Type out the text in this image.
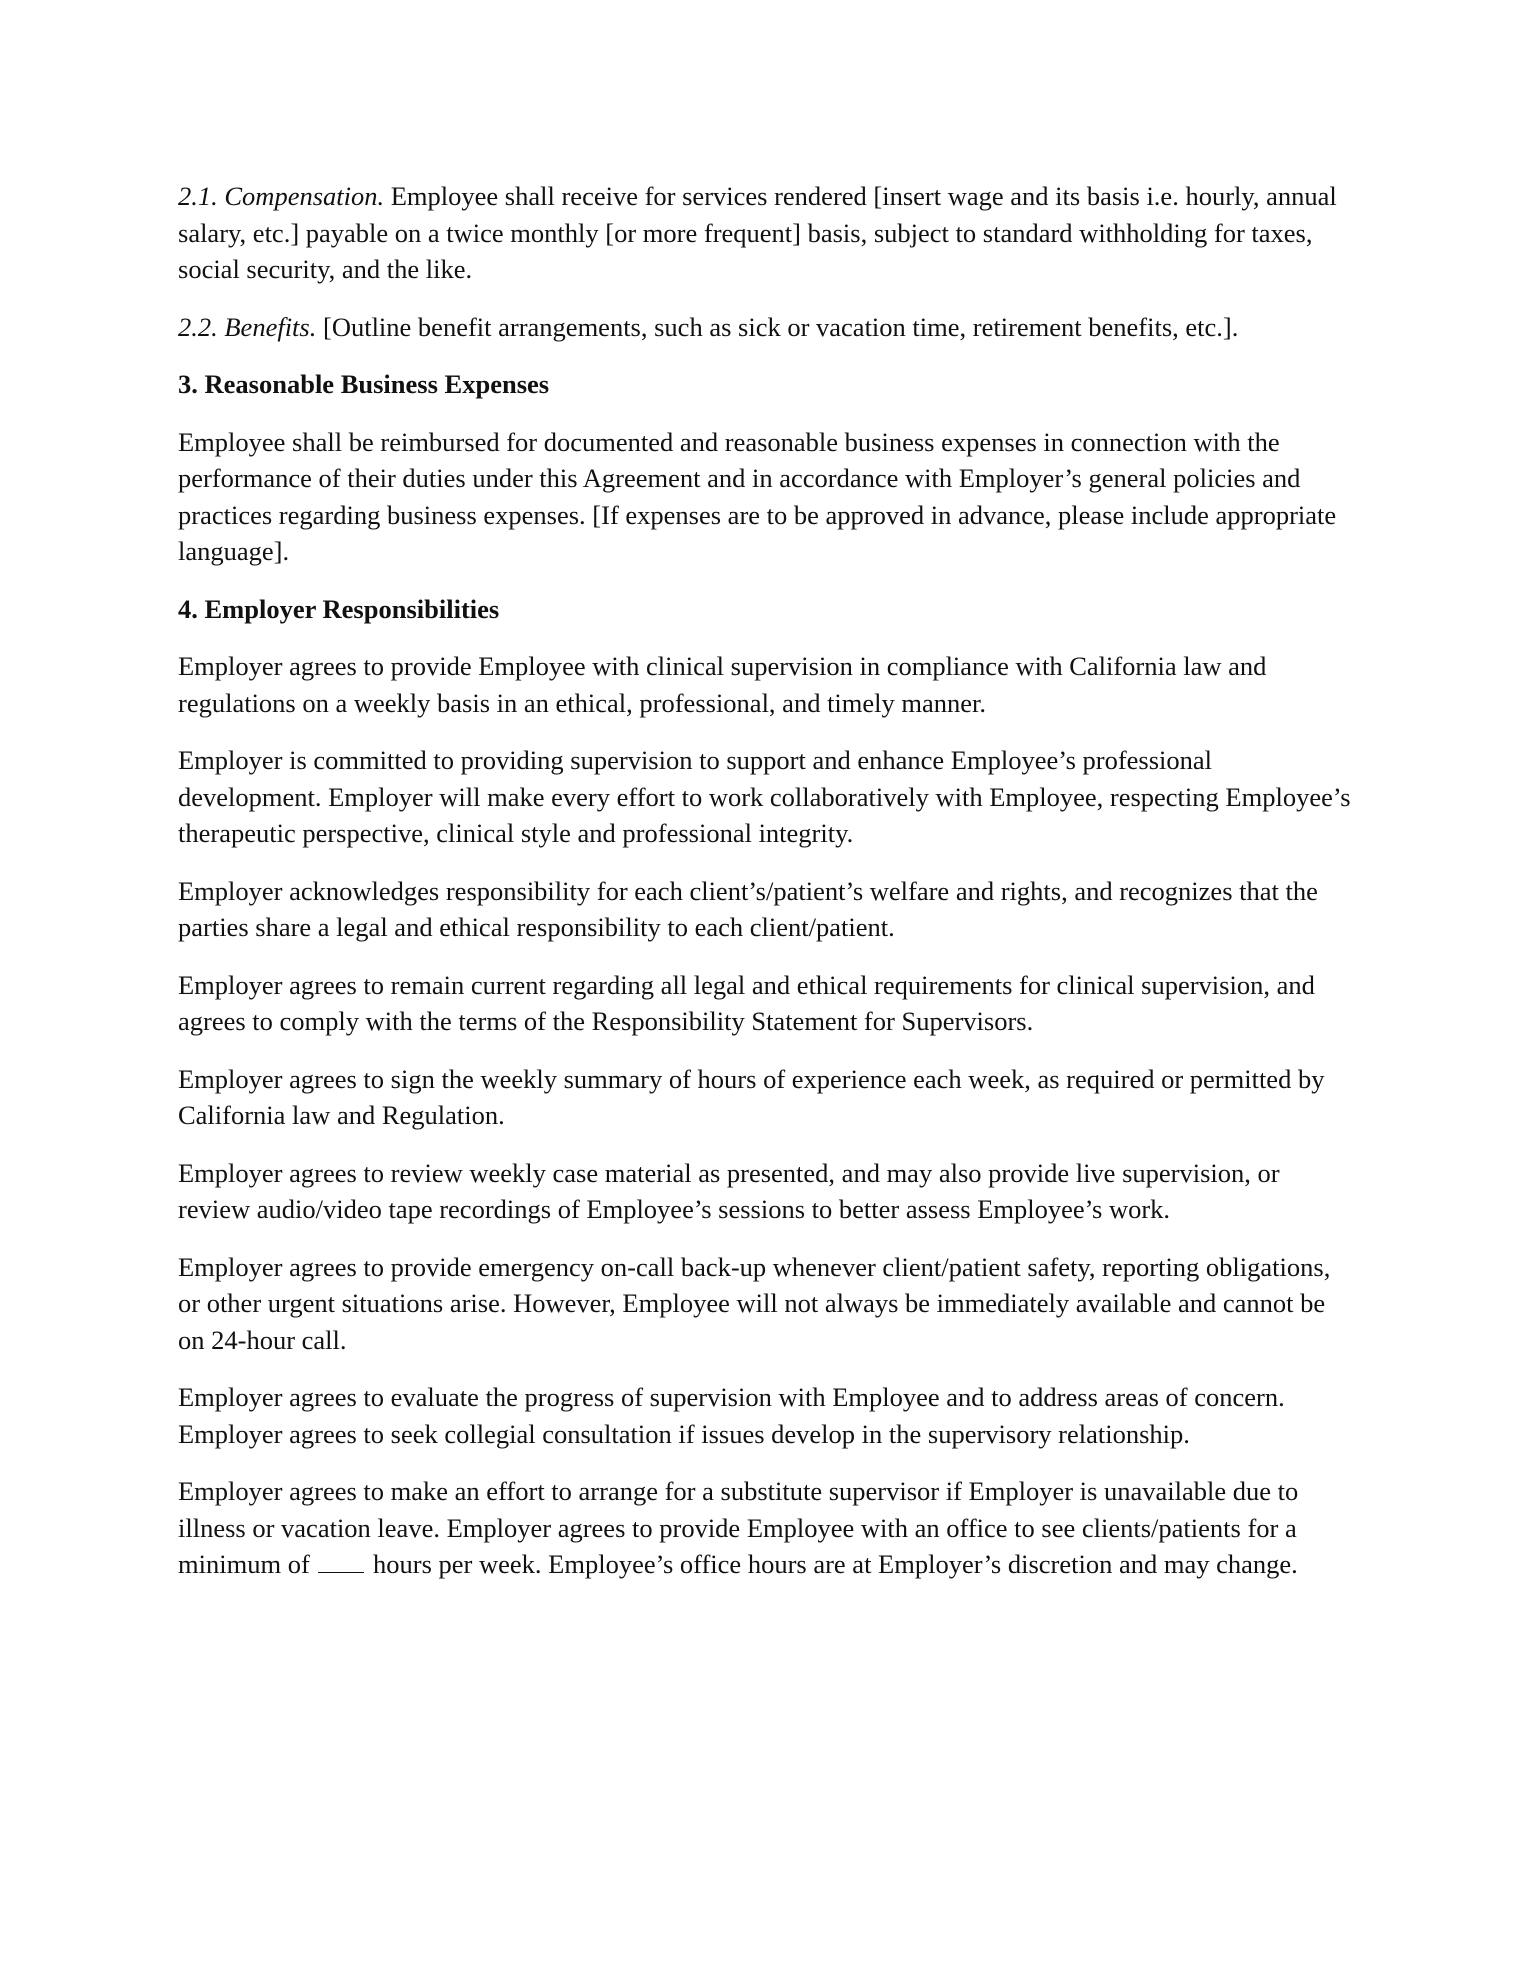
2.1. Compensation. Employee shall receive for services rendered [insert wage and its basis i.e. hourly, annual salary, etc.] payable on a twice monthly [or more frequent] basis, subject to standard withholding for taxes, social security, and the like.

2.2. Benefits. [Outline benefit arrangements, such as sick or vacation time, retirement benefits, etc.].

3. Reasonable Business Expenses

Employee shall be reimbursed for documented and reasonable business expenses in connection with the performance of their duties under this Agreement and in accordance with Employer’s general policies and practices regarding business expenses. [If expenses are to be approved in advance, please include appropriate language].

4. Employer Responsibilities

Employer agrees to provide Employee with clinical supervision in compliance with California law and regulations on a weekly basis in an ethical, professional, and timely manner.

Employer is committed to providing supervision to support and enhance Employee’s professional development. Employer will make every effort to work collaboratively with Employee, respecting Employee’s therapeutic perspective, clinical style and professional integrity.

Employer acknowledges responsibility for each client’s/patient’s welfare and rights, and recognizes that the parties share a legal and ethical responsibility to each client/patient.

Employer agrees to remain current regarding all legal and ethical requirements for clinical supervision, and agrees to comply with the terms of the Responsibility Statement for Supervisors.

Employer agrees to sign the weekly summary of hours of experience each week, as required or permitted by California law and Regulation.

Employer agrees to review weekly case material as presented, and may also provide live supervision, or review audio/video tape recordings of Employee’s sessions to better assess Employee’s work.

Employer agrees to provide emergency on-call back-up whenever client/patient safety, reporting obligations, or other urgent situations arise. However, Employee will not always be immediately available and cannot be on 24-hour call.

Employer agrees to evaluate the progress of supervision with Employee and to address areas of concern. Employer agrees to seek collegial consultation if issues develop in the supervisory relationship.

Employer agrees to make an effort to arrange for a substitute supervisor if Employer is unavailable due to illness or vacation leave. Employer agrees to provide Employee with an office to see clients/patients for a minimum of  hours per week. Employee’s office hours are at Employer’s discretion and may change.
